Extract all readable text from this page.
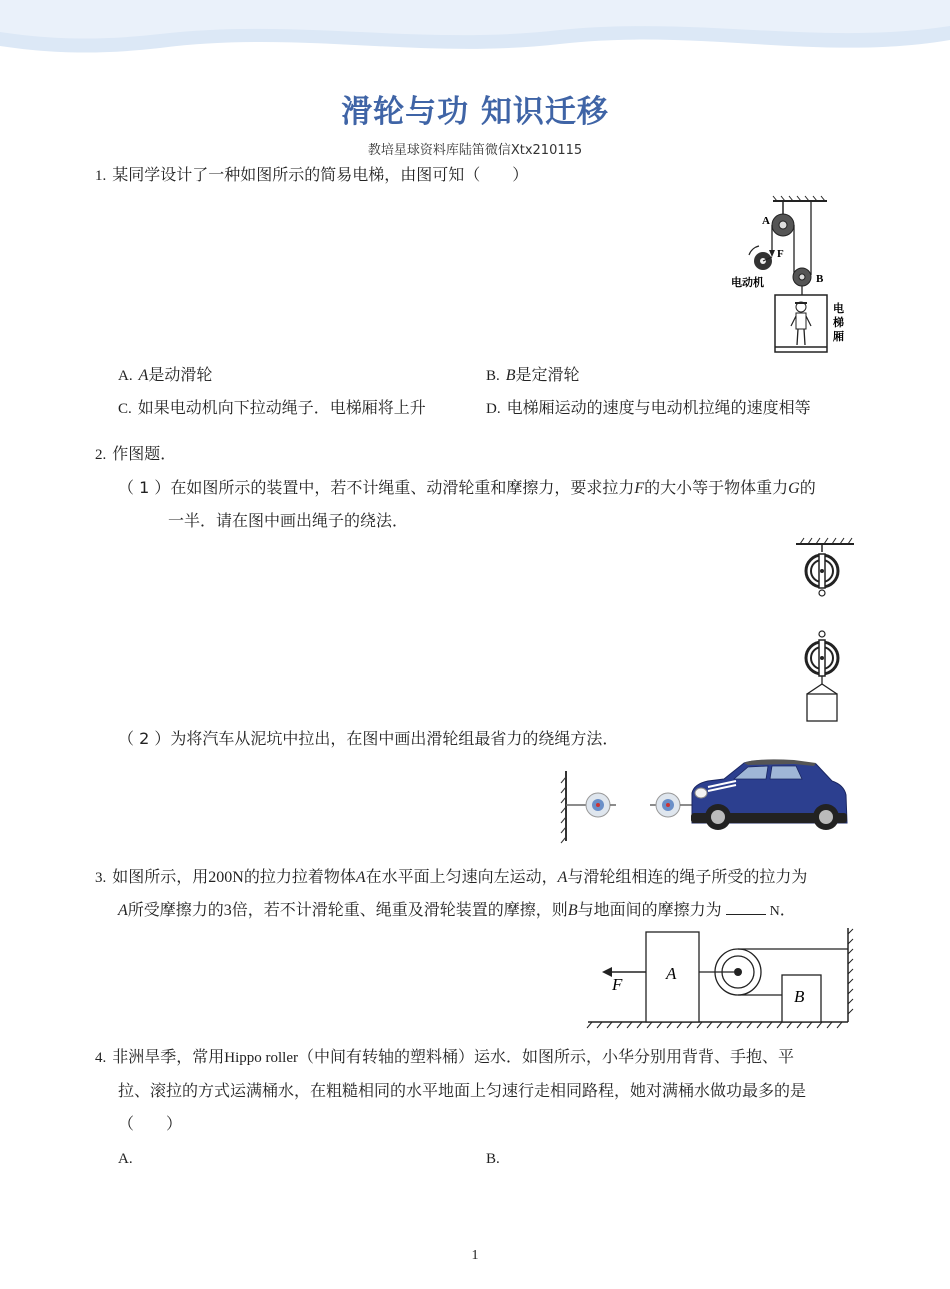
滑轮与功 知识迁移
教培星球资料库陆笛微信Xtx210115
1. 某同学设计了一种如图所示的简易电梯，由图可知（　　）
A
F
B
电动机
电
梯
厢
A. A是动滑轮	B. B是定滑轮
C. 如果电动机向下拉动绳子．电梯厢将上升	D. 电梯厢运动的速度与电动机拉绳的速度相等
2. 作图题．
（ 1 ）在如图所示的装置中，若不计绳重、动滑轮重和摩擦力，要求拉力F的大小等于物体重力G的
一半．请在图中画出绳子的绕法．
（ 2 ）为将汽车从泥坑中拉出，在图中画出滑轮组最省力的绕绳方法．
3. 如图所示，用200N的拉力拉着物体A在水平面上匀速向左运动，A与滑轮组相连的绳子所受的拉力为
A所受摩擦力的3倍，若不计滑轮重、绳重及滑轮装置的摩擦，则B与地面间的摩擦力为	N．
F
A
B
4. 非洲旱季，常用Hippo roller（中间有转轴的塑料桶）运水．如图所示，小华分别用背背、手抱、平
拉、滚拉的方式运满桶水，在粗糙相同的水平地面上匀速行走相同路程，她对满桶水做功最多的是
（　　）
A.	B.
1
